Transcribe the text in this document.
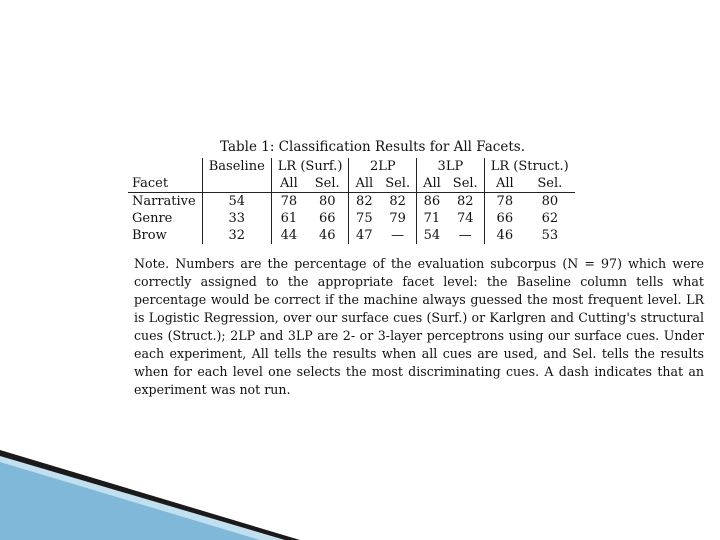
Table 1: Classification Results for All Facets.
	Baseline	LR (Surf.)		2LP		3LP		LR (Struct.)	
Facet		All	Sel.	All	Sel.	All	Sel.	All	Sel.
Narrative	54	78	80	82	82	86	82	78	80
Genre	33	61	66	75	79	71	74	66	62
Brow	32	44	46	47	—	54	—	46	53

Note. Numbers are the percentage of the evaluation subcorpus (N = 97) which were correctly assigned to the appropriate facet level: the Baseline column tells what percentage would be correct if the machine always guessed the most frequent level. LR is Logistic Regression, over our surface cues (Surf.) or Karlgren and Cutting's structural cues (Struct.); 2LP and 3LP are 2- or 3-layer perceptrons using our surface cues. Under each experiment, All tells the results when all cues are used, and Sel. tells the results when for each level one selects the most discriminating cues. A dash indicates that an experiment was not run.
